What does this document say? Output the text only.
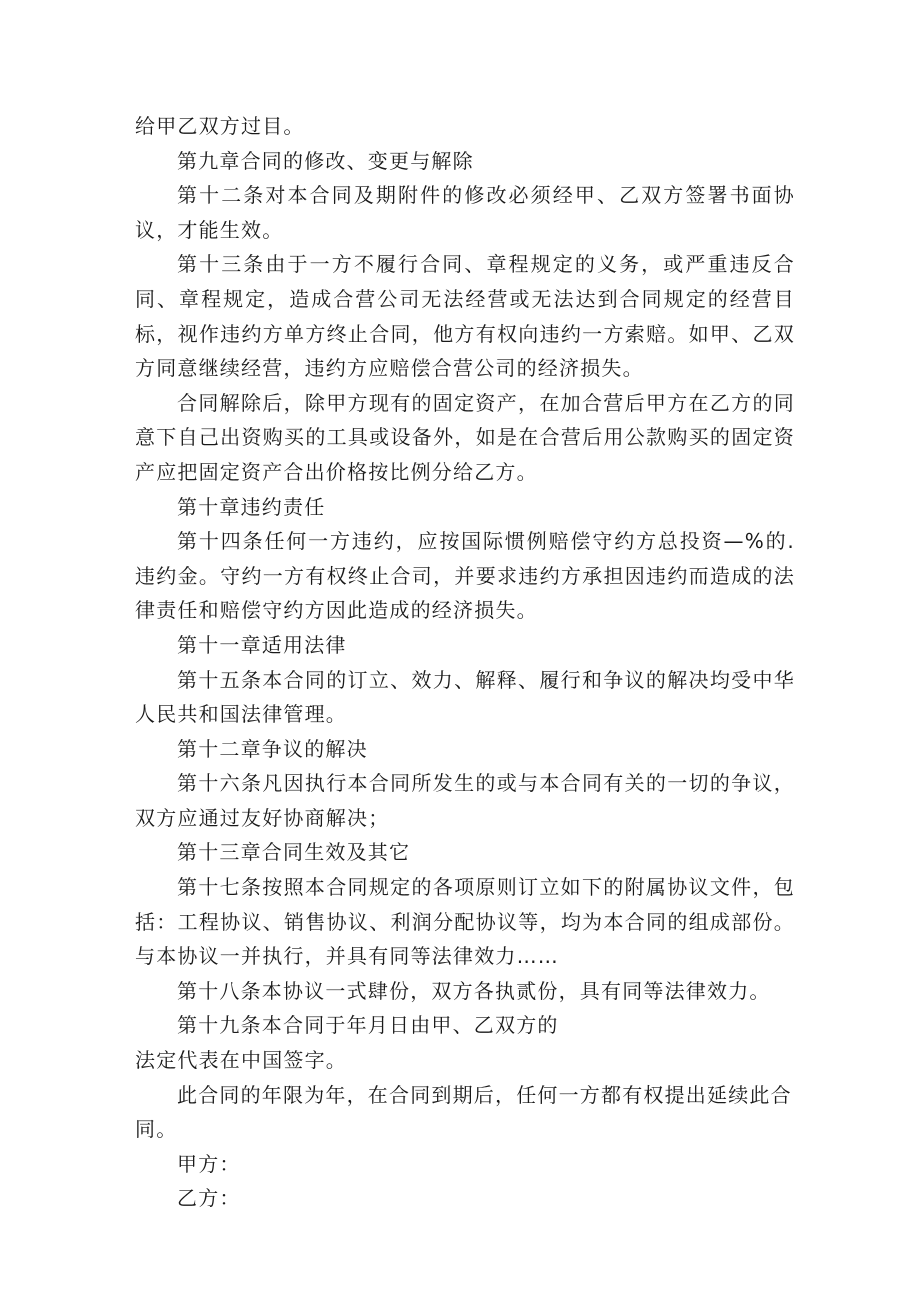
给甲乙双方过目。

第九章合同的修改、变更与解除

第十二条对本合同及期附件的修改必须经甲、乙双方签署书面协议，才能生效。

第十三条由于一方不履行合同、章程规定的义务，或严重违反合同、章程规定，造成合营公司无法经营或无法达到合同规定的经营目标，视作违约方单方终止合同，他方有权向违约一方索赔。如甲、乙双方同意继续经营，违约方应赔偿合营公司的经济损失。

合同解除后，除甲方现有的固定资产，在加合营后甲方在乙方的同意下自己出资购买的工具或设备外，如是在合营后用公款购买的固定资产应把固定资产合出价格按比例分给乙方。

第十章违约责任

第十四条任何一方违约，应按国际惯例赔偿守约方总投资—%的.违约金。守约一方有权终止合司，并要求违约方承担因违约而造成的法律责任和赔偿守约方因此造成的经济损失。

第十一章适用法律

第十五条本合同的订立、效力、解释、履行和争议的解决均受中华人民共和国法律管理。

第十二章争议的解决

第十六条凡因执行本合同所发生的或与本合同有关的一切的争议，双方应通过友好协商解决；

第十三章合同生效及其它

第十七条按照本合同规定的各项原则订立如下的附属协议文件，包括：工程协议、销售协议、利润分配协议等，均为本合同的组成部份。与本协议一并执行，并具有同等法律效力……

第十八条本协议一式肆份，双方各执贰份，具有同等法律效力。

第十九条本合同于年月日由甲、乙双方的

法定代表在中国签字。

此合同的年限为年，在合同到期后，任何一方都有权提出延续此合同。

甲方：

乙方：
